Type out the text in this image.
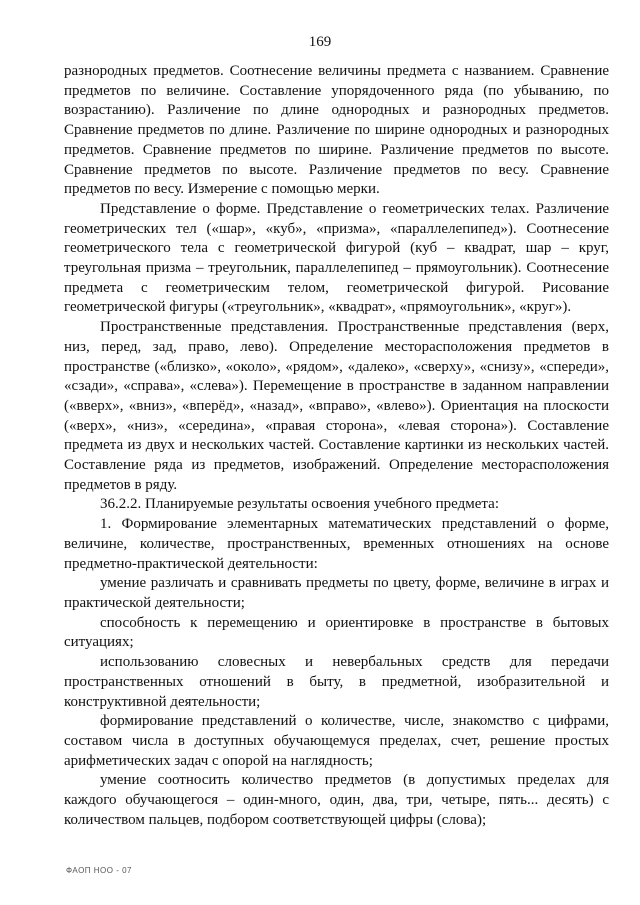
169

разнородных предметов. Соотнесение величины предмета с названием. Сравнение предметов по величине. Составление упорядоченного ряда (по убыванию, по возрастанию). Различение по длине однородных и разнородных предметов. Сравнение предметов по длине. Различение по ширине однородных и разнородных предметов. Сравнение предметов по ширине. Различение предметов по высоте. Сравнение предметов по высоте. Различение предметов по весу. Сравнение предметов по весу. Измерение с помощью мерки.

Представление о форме. Представление о геометрических телах. Различение геометрических тел («шар», «куб», «призма», «параллелепипед»). Соотнесение геометрического тела с геометрической фигурой (куб – квадрат, шар – круг, треугольная призма – треугольник, параллелепипед – прямоугольник). Соотнесение предмета с геометрическим телом, геометрической фигурой. Рисование геометрической фигуры («треугольник», «квадрат», «прямоугольник», «круг»).

Пространственные представления. Пространственные представления (верх, низ, перед, зад, право, лево). Определение месторасположения предметов в пространстве («близко», «около», «рядом», «далеко», «сверху», «снизу», «спереди», «сзади», «справа», «слева»). Перемещение в пространстве в заданном направлении («вверх», «вниз», «вперёд», «назад», «вправо», «влево»). Ориентация на плоскости («верх», «низ», «середина», «правая сторона», «левая сторона»). Составление предмета из двух и нескольких частей. Составление картинки из нескольких частей. Составление ряда из предметов, изображений. Определение месторасположения предметов в ряду.

36.2.2. Планируемые результаты освоения учебного предмета:

1. Формирование элементарных математических представлений о форме, величине, количестве, пространственных, временных отношениях на основе предметно-практической деятельности:

умение различать и сравнивать предметы по цвету, форме, величине в играх и практической деятельности;

способность к перемещению и ориентировке в пространстве в бытовых ситуациях;

использованию словесных и невербальных средств для передачи пространственных отношений в быту, в предметной, изобразительной и конструктивной деятельности;

формирование представлений о количестве, числе, знакомство с цифрами, составом числа в доступных обучающемуся пределах, счет, решение простых арифметических задач с опорой на наглядность;

умение соотносить количество предметов (в допустимых пределах для каждого обучающегося – один-много, один, два, три, четыре, пять... десять) с количеством пальцев, подбором соответствующей цифры (слова);

ФАОП НОО - 07
